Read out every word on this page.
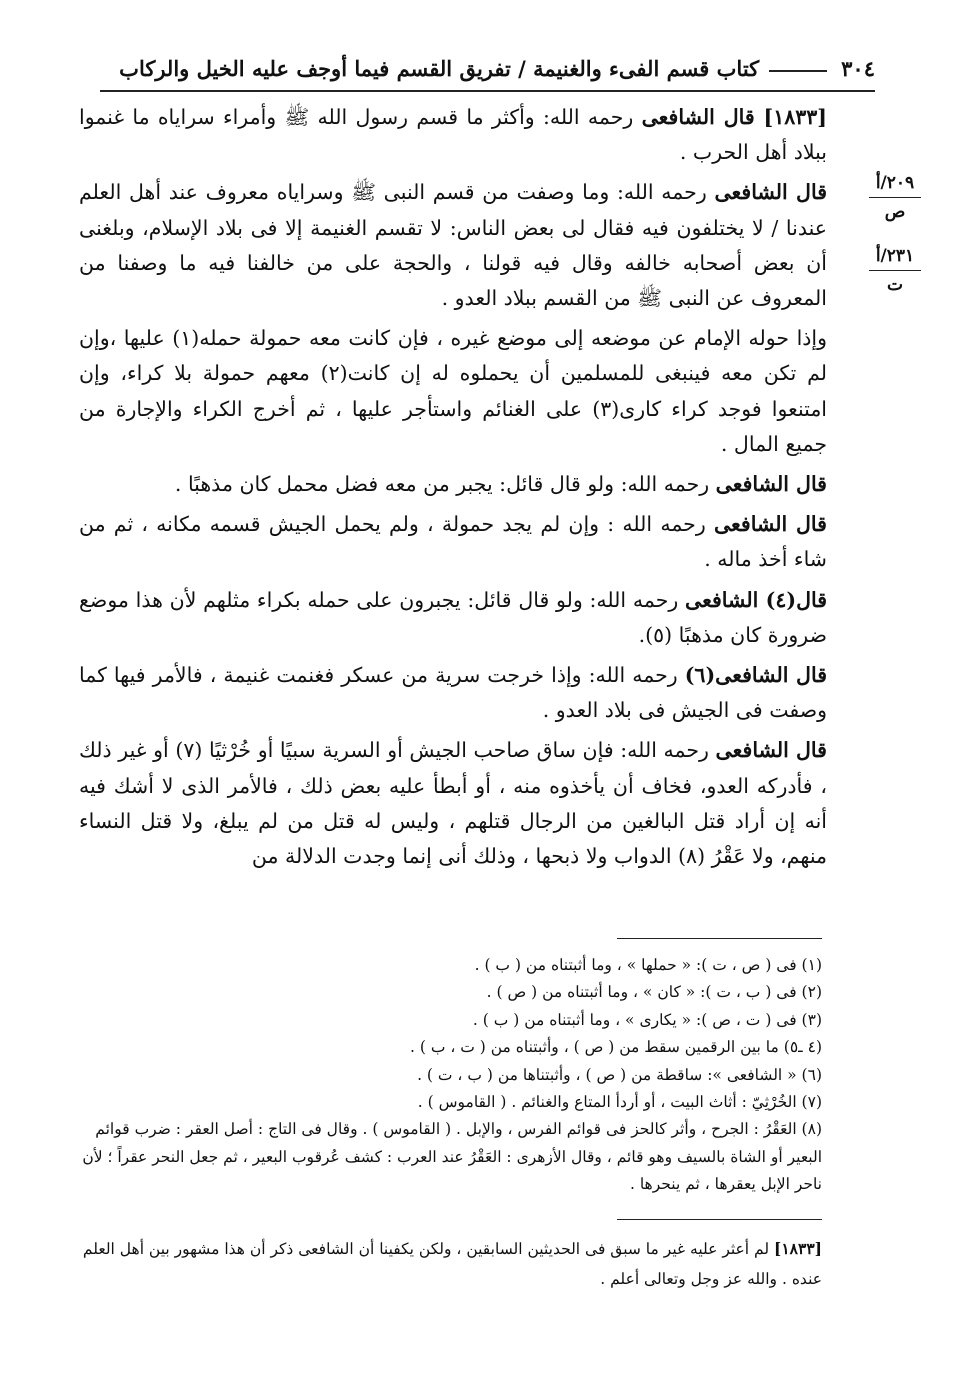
٣٠٤كتاب قسم الفىء والغنيمة / تفريق القسم فيما أوجف عليه الخيل والركاب
٢٠٩/أ
ص
٢٣١/أ
ت

[١٨٣٣] قال الشافعى رحمه الله: وأكثر ما قسم رسول الله ﷺ وأمراء سراياه ما غنموا ببلاد أهل الحرب .

قال الشافعى رحمه الله: وما وصفت من قسم النبى ﷺ وسراياه معروف عند أهل العلم عندنا / لا يختلفون فيه فقال لى بعض الناس: لا تقسم الغنيمة إلا فى بلاد الإسلام، وبلغنى أن بعض أصحابه خالفه وقال فيه قولنا ، والحجة على من خالفنا فيه ما وصفنا من المعروف عن النبى ﷺ من القسم ببلاد العدو .

وإذا حوله الإمام عن موضعه إلى موضع غيره ، فإن كانت معه حمولة حمله(١) عليها ،وإن لم تكن معه فينبغى للمسلمين أن يحملوه له إن كانت(٢) معهم حمولة بلا كراء، وإن امتنعوا فوجد كراء كارى(٣) على الغنائم واستأجر عليها ، ثم أخرج الكراء والإجارة من جميع المال .

قال الشافعى رحمه الله: ولو قال قائل: يجبر من معه فضل محمل كان مذهبًا .

قال الشافعى رحمه الله : وإن لم يجد حمولة ، ولم يحمل الجيش قسمه مكانه ، ثم من شاء أخذ ماله .

قال(٤) الشافعى رحمه الله: ولو قال قائل: يجبرون على حمله بكراء مثلهم لأن هذا موضع ضرورة كان مذهبًا (٥).

قال الشافعى(٦) رحمه الله: وإذا خرجت سرية من عسكر فغنمت غنيمة ، فالأمر فيها كما وصفت فى الجيش فى بلاد العدو .

قال الشافعى رحمه الله: فإن ساق صاحب الجيش أو السرية سبيًا أو خُرْثيًا (٧) أو غير ذلك ، فأدركه العدو، فخاف أن يأخذوه منه ، أو أبطأ عليه بعض ذلك ، فالأمر الذى لا أشك فيه أنه إن أراد قتل البالغين من الرجال قتلهم ، وليس له قتل من لم يبلغ، ولا قتل النساء منهم، ولا عَقْرُ (٨) الدواب ولا ذبحها ، وذلك أنى إنما وجدت الدلالة من

(١) فى ( ص ، ت ): « حملها » ، وما أثبتناه من ( ب ) .

(٢) فى ( ب ، ت ): « كان » ، وما أثبتناه من ( ص ) .

(٣) فى ( ت ، ص ): « يكارى » ، وما أثبتناه من ( ب ) .

(٤ ـ٥) ما بين الرقمين سقط من ( ص ) ، وأثبتناه من ( ت ، ب ) .

(٦) « الشافعى »: ساقطة من ( ص ) ، وأثبتناها من ( ب ، ت ) .

(٧) الخُرْثِيّ : أثاث البيت ، أو أردأ المتاع والغنائم . ( القاموس ) .

(٨) العَقْرُ : الجرح ، وأثر كالحز فى قوائم الفرس ، والإبل . ( القاموس ) . وقال فى التاج : أصل العقر : ضرب قوائم البعير أو الشاة بالسيف وهو قائم ، وقال الأزهرى : العَقْرُ عند العرب : كشف عُرقوب البعير ، ثم جعل النحر عقراً ؛ لأن ناحر الإبل يعقرها ، ثم ينحرها .

[١٨٣٣] لم أعثر عليه غير ما سبق فى الحديثين السابقين ، ولكن يكفينا أن الشافعى ذكر أن هذا مشهور بين أهل العلم عنده . والله عز وجل وتعالى أعلم .
